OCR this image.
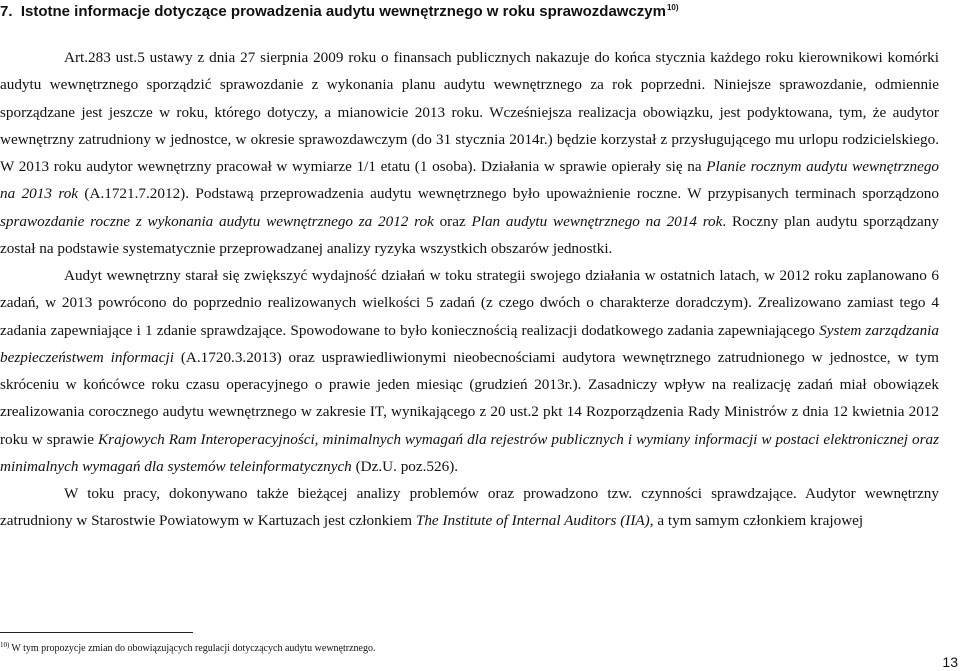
7.  Istotne informacje dotyczące prowadzenia audytu wewnętrznego w roku sprawozdawczym$^{10)}$

Art.283 ust.5 ustawy z dnia 27 sierpnia 2009 roku o finansach publicznych nakazuje do końca stycznia każdego roku kierownikowi komórki audytu wewnętrznego sporządzić sprawozdanie z wykonania planu audytu wewnętrznego za rok poprzedni. Niniejsze sprawozdanie, odmiennie sporządzane jest jeszcze w roku, którego dotyczy, a mianowicie 2013 roku. Wcześniejsza realizacja obowiązku, jest podyktowana, tym, że audytor wewnętrzny zatrudniony w jednostce, w okresie sprawozdawczym (do 31 stycznia 2014r.) będzie korzystał z przysługującego mu urlopu rodzicielskiego. W 2013 roku audytor wewnętrzny pracował w wymiarze 1/1 etatu (1 osoba). Działania w sprawie opierały się na Planie rocznym audytu wewnętrznego na 2013 rok (A.1721.7.2012). Podstawą przeprowadzenia audytu wewnętrznego było upoważnienie roczne. W przypisanych terminach sporządzono sprawozdanie roczne z wykonania audytu wewnętrznego za 2012 rok oraz Plan audytu wewnętrznego na 2014 rok. Roczny plan audytu sporządzany został na podstawie systematycznie przeprowadzanej analizy ryzyka wszystkich obszarów jednostki.

Audyt wewnętrzny starał się zwiększyć wydajność działań w toku strategii swojego działania w ostatnich latach, w 2012 roku zaplanowano 6 zadań, w 2013 powrócono do poprzednio realizowanych wielkości 5 zadań (z czego dwóch o charakterze doradczym). Zrealizowano zamiast tego 4 zadania zapewniające i 1 zdanie sprawdzające. Spowodowane to było koniecznością realizacji dodatkowego zadania zapewniającego System zarządzania bezpieczeństwem informacji (A.1720.3.2013) oraz usprawiedliwionymi nieobecnościami audytora wewnętrznego zatrudnionego w jednostce, w tym skróceniu w końcówce roku czasu operacyjnego o prawie jeden miesiąc (grudzień 2013r.). Zasadniczy wpływ na realizację zadań miał obowiązek zrealizowania corocznego audytu wewnętrznego w zakresie IT, wynikającego z 20 ust.2 pkt 14 Rozporządzenia Rady Ministrów z dnia 12 kwietnia 2012 roku w sprawie Krajowych Ram Interoperacyjności, minimalnych wymagań dla rejestrów publicznych i wymiany informacji w postaci elektronicznej oraz minimalnych wymagań dla systemów teleinformatycznych (Dz.U. poz.526).

W toku pracy, dokonywano także bieżącej analizy problemów oraz prowadzono tzw. czynności sprawdzające. Audytor wewnętrzny zatrudniony w Starostwie Powiatowym w Kartuzach jest członkiem The Institute of Internal Auditors (IIA), a tym samym członkiem krajowej

$^{10)}$ W tym propozycje zmian do obowiązujących regulacji dotyczących audytu wewnętrznego.
13
